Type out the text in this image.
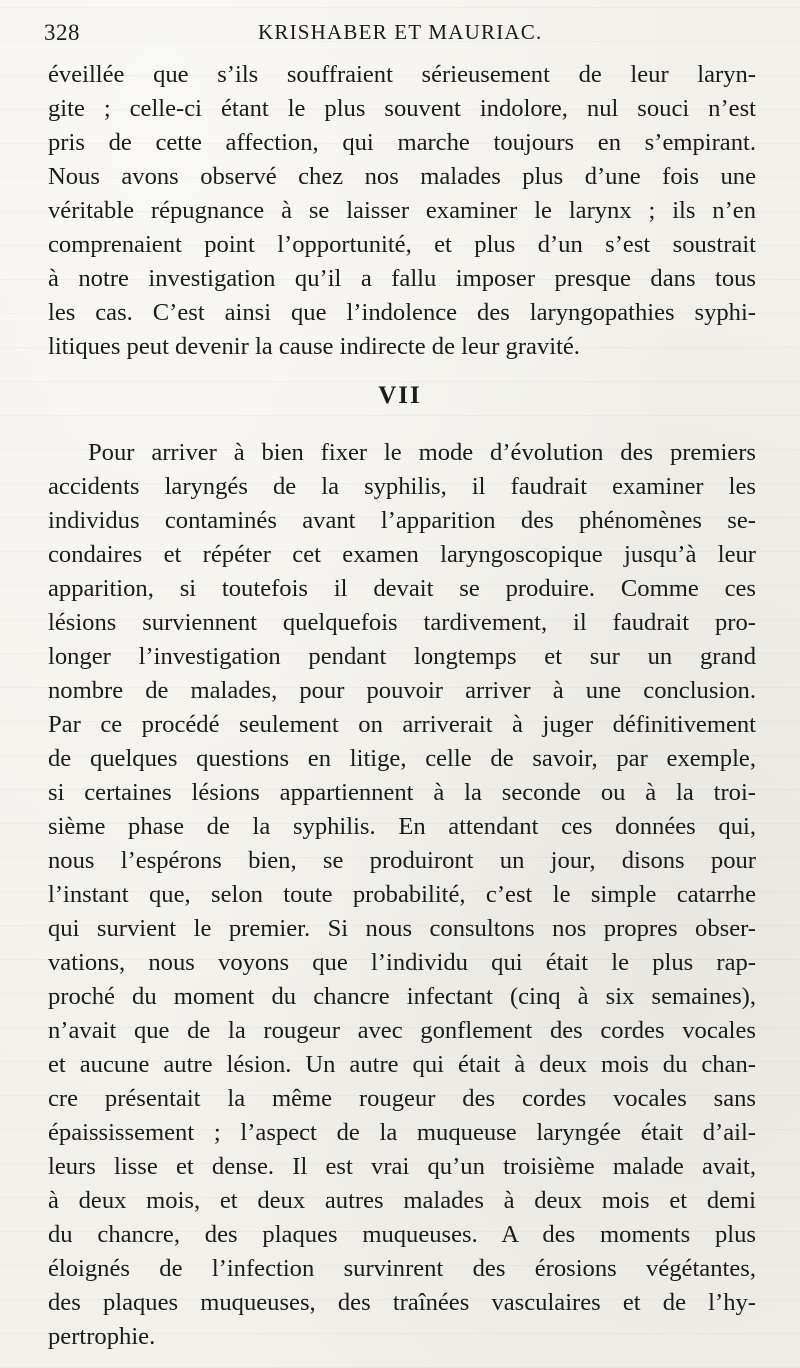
328	KRISHABER ET MAURIAC.
éveillée que s’ils souffraient sérieusement de leur laryn-
gite ; celle-ci étant le plus souvent indolore, nul souci n’est
pris de cette affection, qui marche toujours en s’empirant.
Nous avons observé chez nos malades plus d’une fois une
véritable répugnance à se laisser examiner le larynx ; ils n’en
comprenaient point l’opportunité, et plus d’un s’est soustrait
à notre investigation qu’il a fallu imposer presque dans tous
les cas. C’est ainsi que l’indolence des laryngopathies syphi-
litiques peut devenir la cause indirecte de leur gravité.
VII
Pour arriver à bien fixer le mode d’évolution des premiers
accidents laryngés de la syphilis, il faudrait examiner les
individus contaminés avant l’apparition des phénomènes se-
condaires et répéter cet examen laryngoscopique jusqu’à leur
apparition, si toutefois il devait se produire. Comme ces
lésions surviennent quelquefois tardivement, il faudrait pro-
longer l’investigation pendant longtemps et sur un grand
nombre de malades, pour pouvoir arriver à une conclusion.
Par ce procédé seulement on arriverait à juger définitivement
de quelques questions en litige, celle de savoir, par exemple,
si certaines lésions appartiennent à la seconde ou à la troi-
sième phase de la syphilis. En attendant ces données qui,
nous l’espérons bien, se produiront un jour, disons pour
l’instant que, selon toute probabilité, c’est le simple catarrhe
qui survient le premier. Si nous consultons nos propres obser-
vations, nous voyons que l’individu qui était le plus rap-
proché du moment du chancre infectant (cinq à six semaines),
n’avait que de la rougeur avec gonflement des cordes vocales
et aucune autre lésion. Un autre qui était à deux mois du chan-
cre présentait la même rougeur des cordes vocales sans
épaississement ; l’aspect de la muqueuse laryngée était d’ail-
leurs lisse et dense. Il est vrai qu’un troisième malade avait,
à deux mois, et deux autres malades à deux mois et demi
du chancre, des plaques muqueuses. A des moments plus
éloignés de l’infection survinrent des érosions végétantes,
des plaques muqueuses, des traînées vasculaires et de l’hy-
pertrophie.
